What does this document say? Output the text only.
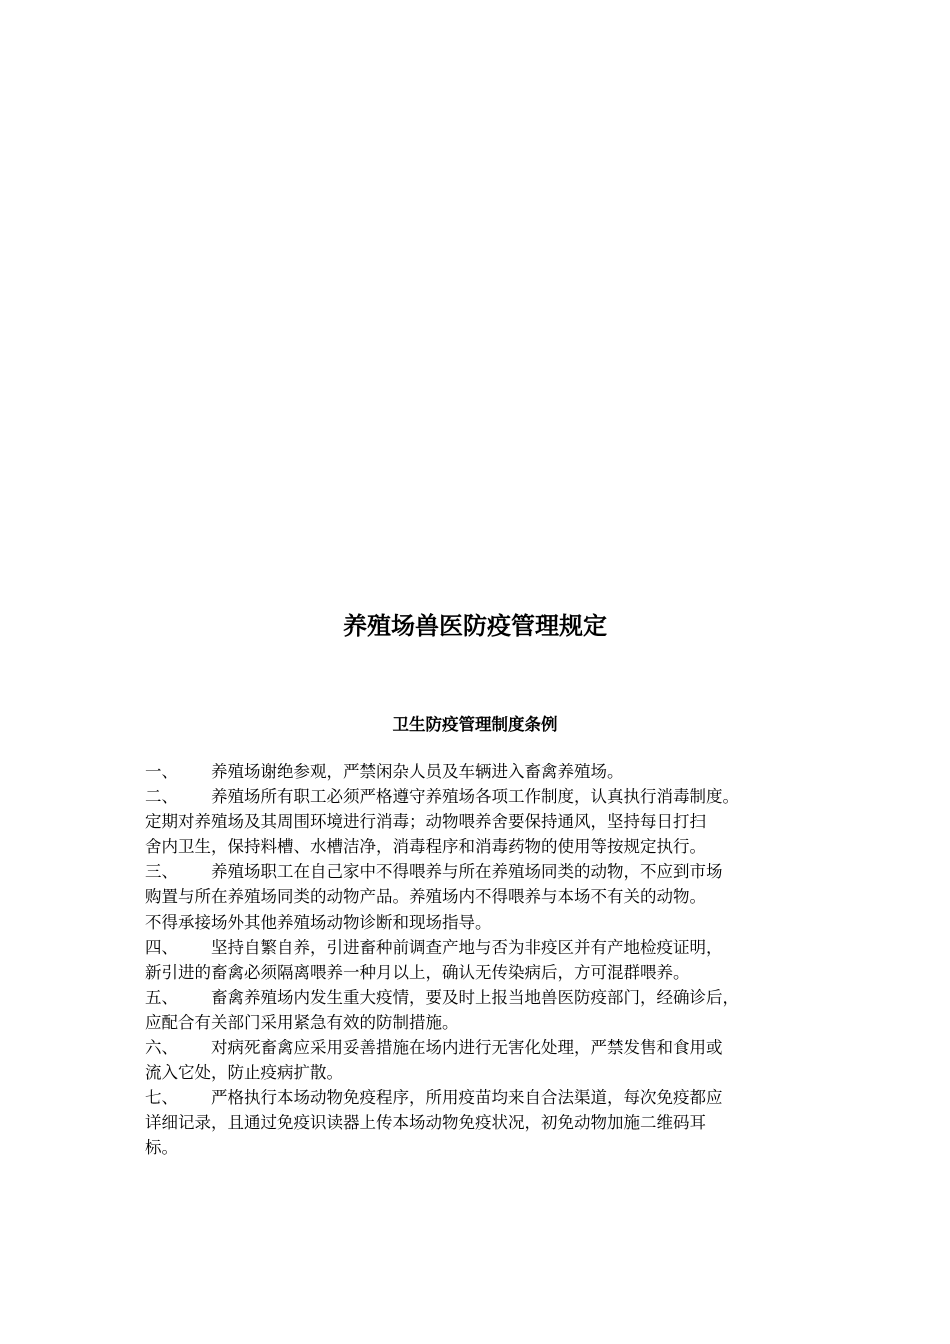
养殖场兽医防疫管理规定
卫生防疫管理制度条例
一、 养殖场谢绝参观，严禁闲杂人员及车辆进入畜禽养殖场。
二、 养殖场所有职工必须严格遵守养殖场各项工作制度，认真执行消毒制度。
定期对养殖场及其周围环境进行消毒；动物喂养舍要保持通风，坚持每日打扫
舍内卫生，保持料槽、水槽洁净，消毒程序和消毒药物的使用等按规定执行。
三、 养殖场职工在自己家中不得喂养与所在养殖场同类的动物，不应到市场
购置与所在养殖场同类的动物产品。养殖场内不得喂养与本场不有关的动物。
不得承接场外其他养殖场动物诊断和现场指导。
四、 坚持自繁自养，引进畜种前调查产地与否为非疫区并有产地检疫证明，
新引进的畜禽必须隔离喂养一种月以上，确认无传染病后，方可混群喂养。
五、 畜禽养殖场内发生重大疫情，要及时上报当地兽医防疫部门，经确诊后，
应配合有关部门采用紧急有效的防制措施。
六、 对病死畜禽应采用妥善措施在场内进行无害化处理，严禁发售和食用或
流入它处，防止疫病扩散。
七、 严格执行本场动物免疫程序，所用疫苗均来自合法渠道，每次免疫都应
详细记录，且通过免疫识读器上传本场动物免疫状况，初免动物加施二维码耳
标。
